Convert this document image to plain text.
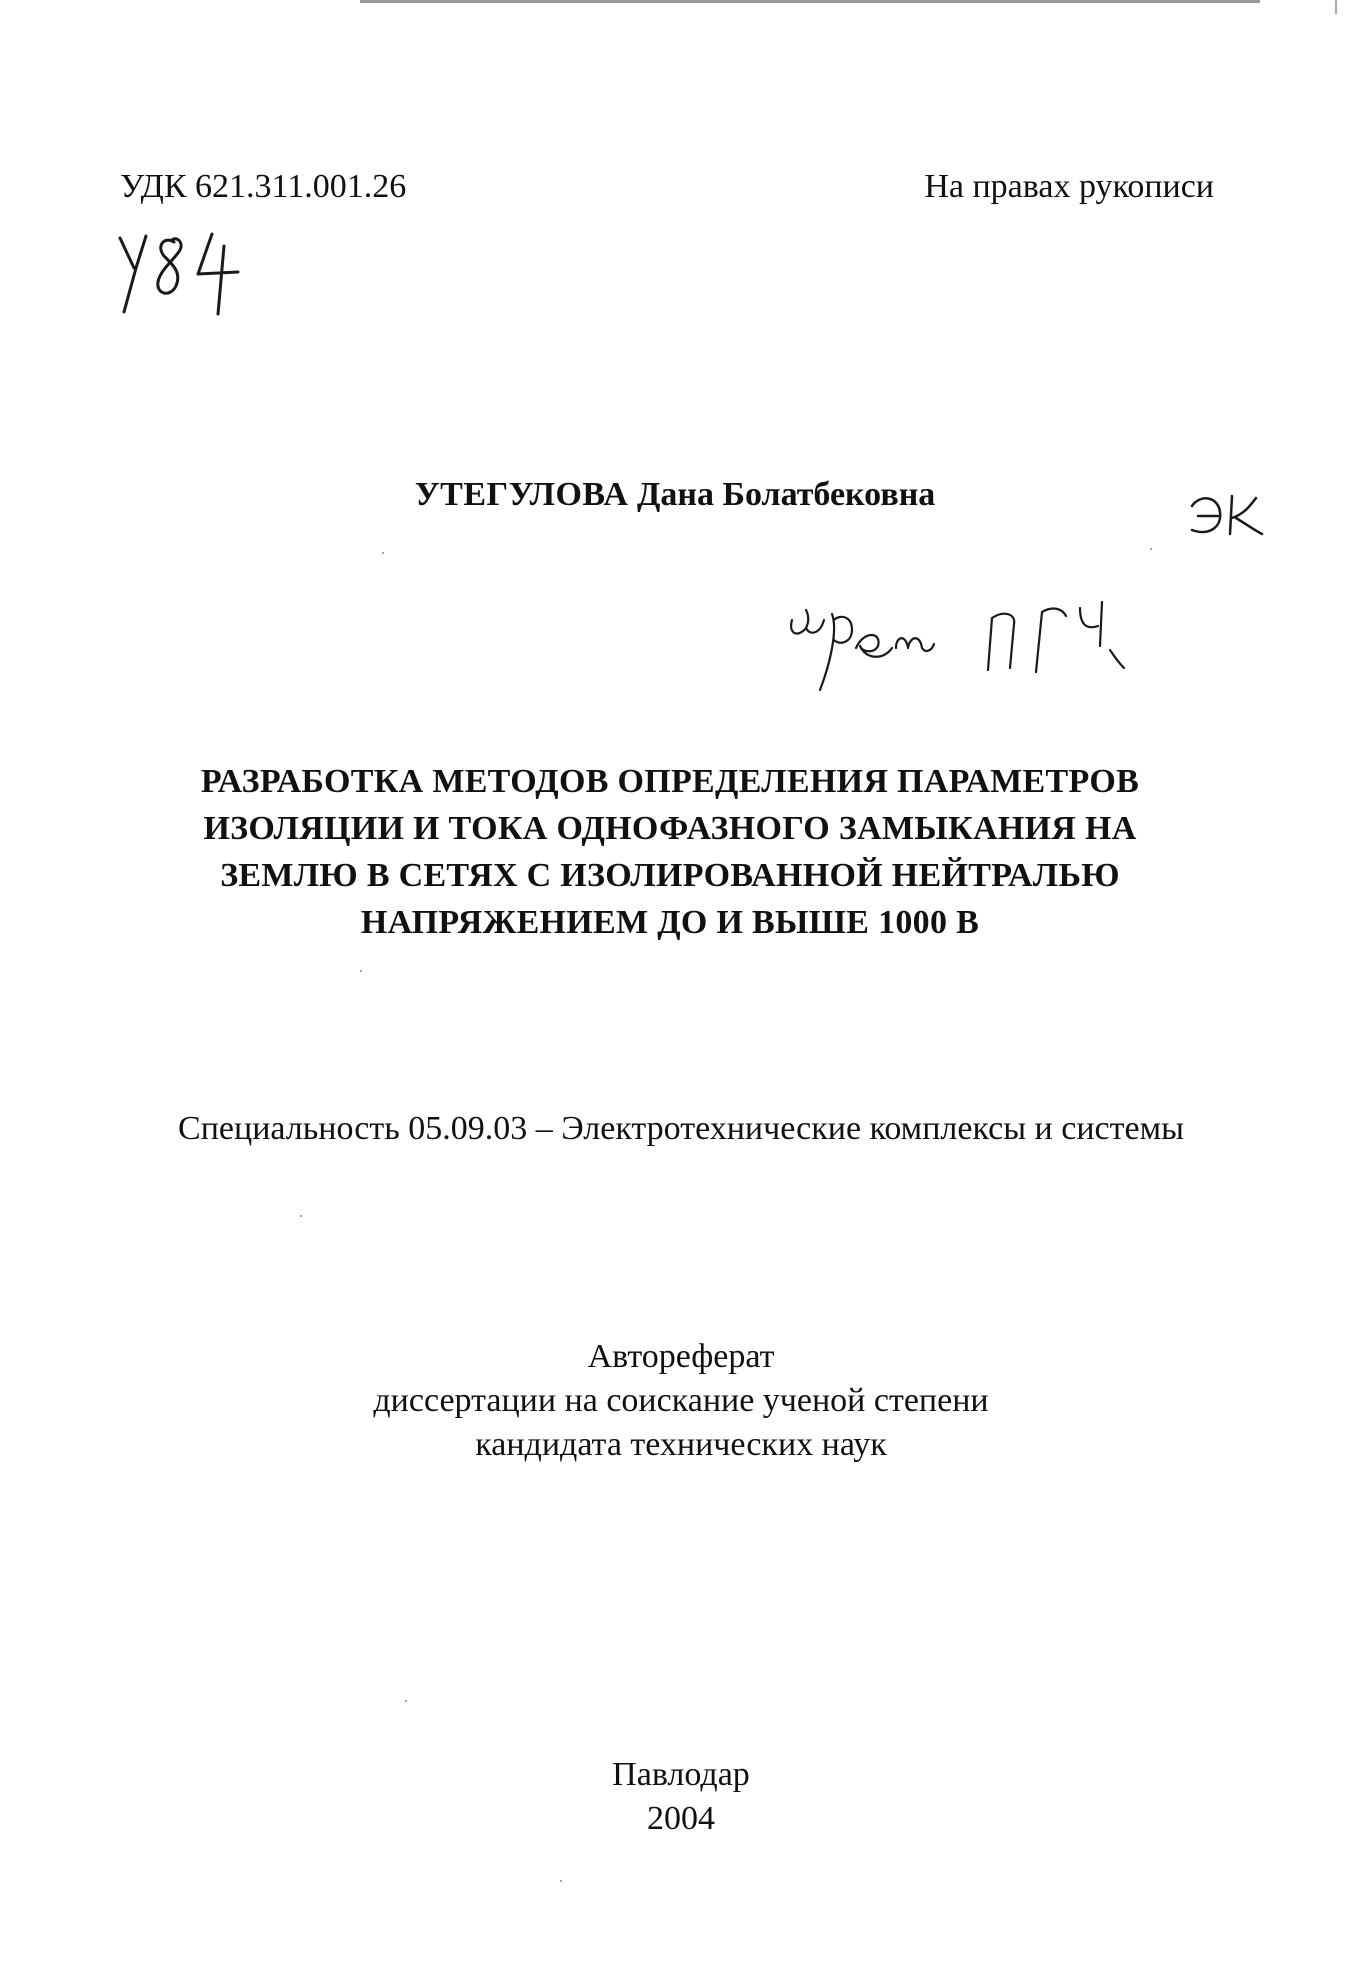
УДК 621.311.001.26	На правах рукописи
УТЕГУЛОВА Дана Болатбековна
РАЗРАБОТКА МЕТОДОВ ОПРЕДЕЛЕНИЯ ПАРАМЕТРОВ
ИЗОЛЯЦИИ И ТОКА ОДНОФАЗНОГО ЗАМЫКАНИЯ НА
ЗЕМЛЮ В СЕТЯХ С ИЗОЛИРОВАННОЙ НЕЙТРАЛЬЮ
НАПРЯЖЕНИЕМ ДО И ВЫШЕ 1000 В
Специальность 05.09.03 – Электротехнические комплексы и системы
Автореферат
диссертации на соискание ученой степени
кандидата технических наук
Павлодар
2004
